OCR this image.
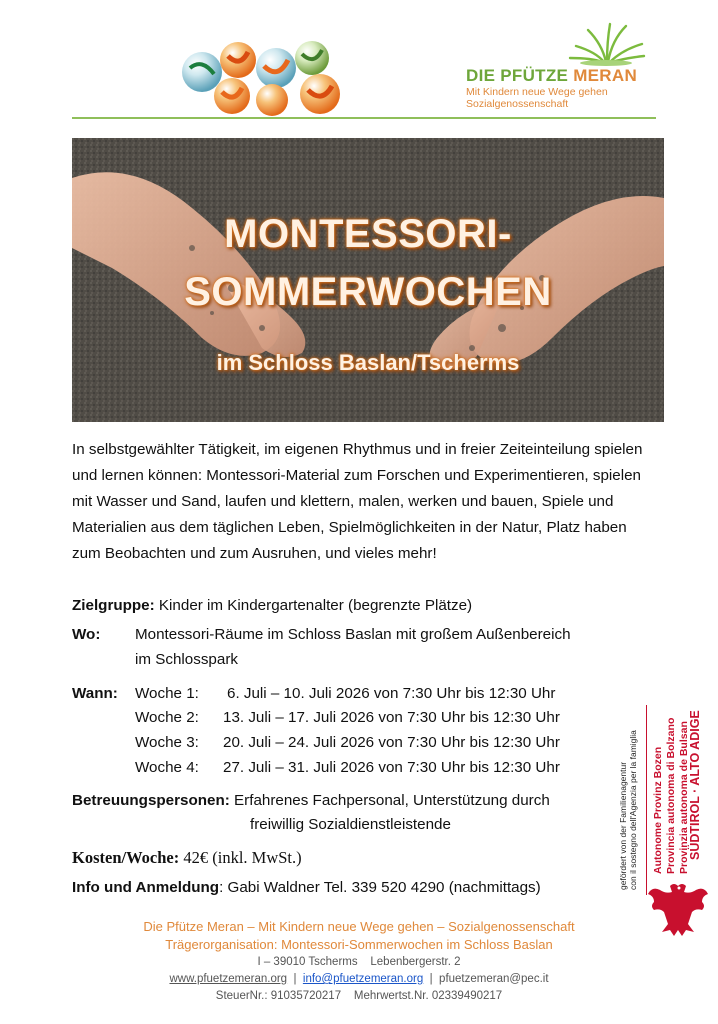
DIE PFÜTZE MERAN
Mit Kindern neue Wege gehen
Sozialgenossenschaft
MONTESSORI-
SOMMERWOCHEN
im Schloss Baslan/Tscherms
In selbstgewählter Tätigkeit, im eigenen Rhythmus und in freier Zeiteinteilung spielen und lernen können: Montessori-Material zum Forschen und Experimentieren, spielen mit Wasser und Sand, laufen und klettern, malen, werken und bauen, Spiele und Materialien aus dem täglichen Leben, Spielmöglichkeiten in der Natur, Platz haben zum Beobachten und zum Ausruhen, und vieles mehr!
Zielgruppe: Kinder im Kindergartenalter (begrenzte Plätze)
Wo: Montessori-Räume im Schloss Baslan mit großem Außenbereich
im Schlosspark
Wann: Woche 1: 6. Juli – 10. Juli 2026 von 7:30 Uhr bis 12:30 Uhr
Woche 2: 13. Juli – 17. Juli 2026 von 7:30 Uhr bis 12:30 Uhr
Woche 3: 20. Juli – 24. Juli 2026 von 7:30 Uhr bis 12:30 Uhr
Woche 4: 27. Juli – 31. Juli 2026 von 7:30 Uhr bis 12:30 Uhr
Betreuungspersonen: Erfahrenes Fachpersonal, Unterstützung durch
freiwillig Sozialdienstleistende
Kosten/Woche: 42€ (inkl. MwSt.)
Info und Anmeldung: Gabi Waldner Tel. 339 520 4290 (nachmittags)	gefördert von der Familienagentur con il sostegno dell'Agenzia per la famiglia Autonome Provinz Bozen Provincia autonoma di Bolzano Provinzia autonoma de Bulsan
SÜDTIROL · ALTO ADIGE
Die Pfütze Meran – Mit Kindern neue Wege gehen – Sozialgenossenschaft
Trägerorganisation: Montessori-Sommerwochen im Schloss Baslan
I – 39010 Tscherms    Lebenbergerstr. 2
www.pfuetzemeran.org  |  info@pfuetzemeran.org  |  pfuetzemeran@pec.it
SteuerNr.: 91035720217    Mehrwertst.Nr. 02339490217
